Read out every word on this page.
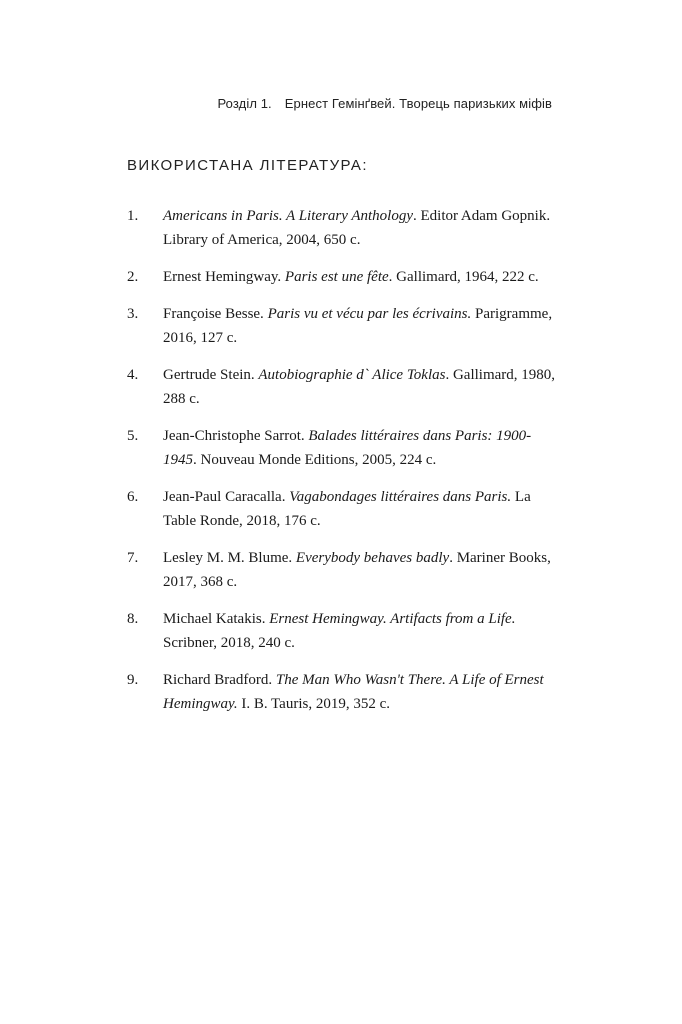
Розділ 1. Ернест Гемінґвей. Творець паризьких міфів
ВИКОРИСТАНА ЛІТЕРАТУРА:
1. Americans in Paris. A Literary Anthology. Editor Adam Gopnik. Library of America, 2004, 650 с.
2. Ernest Hemingway. Paris est une fête. Gallimard, 1964, 222 с.
3. Françoise Besse. Paris vu et vécu par les écrivains. Parigramme, 2016, 127 с.
4. Gertrude Stein. Autobiographie d` Alice Toklas. Gallimard, 1980, 288 с.
5. Jean-Christophe Sarrot. Balades littéraires dans Paris: 1900-1945. Nouveau Monde Editions, 2005, 224 с.
6. Jean-Paul Caracalla. Vagabondages littéraires dans Paris. La Table Ronde, 2018, 176 с.
7. Lesley M. M. Blume. Everybody behaves badly. Mariner Books, 2017, 368 с.
8. Michael Katakis. Ernest Hemingway. Artifacts from a Life. Scribner, 2018, 240 с.
9. Richard Bradford. The Man Who Wasn't There. A Life of Ernest Hemingway. I. B. Tauris, 2019, 352 с.
